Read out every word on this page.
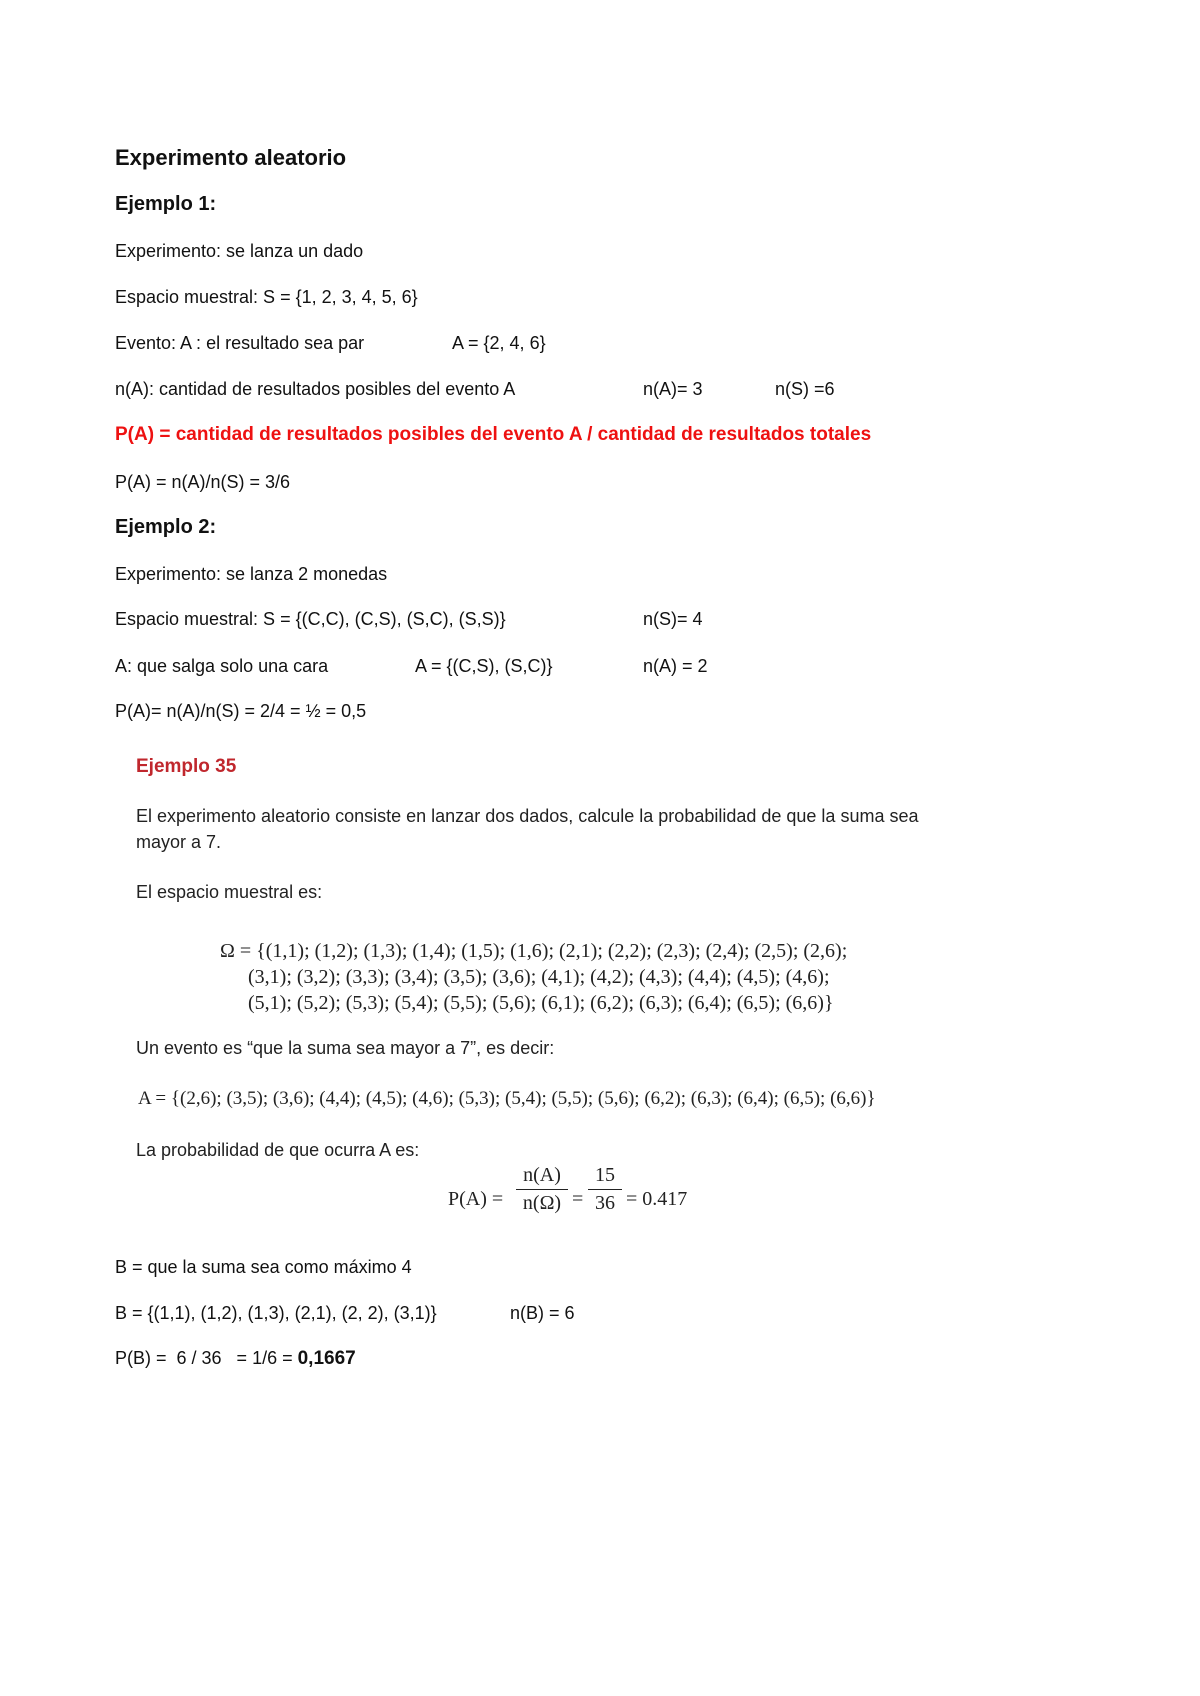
Experimento aleatorio
Ejemplo 1:
Experimento: se lanza un dado
Espacio muestral: S = {1, 2, 3, 4, 5, 6}
Evento: A : el resultado sea par	A = {2, 4, 6}
n(A): cantidad de resultados posibles del evento A	n(A)= 3	n(S) =6
P(A) = cantidad de resultados posibles del evento A / cantidad de resultados totales
P(A) = n(A)/n(S) = 3/6
Ejemplo 2:
Experimento: se lanza 2 monedas
Espacio muestral: S = {(C,C), (C,S), (S,C), (S,S)}	n(S)= 4
A: que salga solo una cara	A = {(C,S), (S,C)}	n(A) = 2
P(A)= n(A)/n(S) = 2/4 = ½ = 0,5
Ejemplo 35
El experimento aleatorio consiste en lanzar dos dados, calcule la probabilidad de que la suma sea
mayor a 7.
El espacio muestral es:
Ω = {(1,1); (1,2); (1,3); (1,4); (1,5); (1,6); (2,1); (2,2); (2,3); (2,4); (2,5); (2,6);
(3,1); (3,2); (3,3); (3,4); (3,5); (3,6); (4,1); (4,2); (4,3); (4,4); (4,5); (4,6);
(5,1); (5,2); (5,3); (5,4); (5,5); (5,6); (6,1); (6,2); (6,3); (6,4); (6,5); (6,6)}
Un evento es “que la suma sea mayor a 7”, es decir:
A = {(2,6); (3,5); (3,6); (4,4); (4,5); (4,6); (5,3); (5,4); (5,5); (5,6); (6,2); (6,3); (6,4); (6,5); (6,6)}
La probabilidad de que ocurra A es:
$P(A) = \frac{n(A)}{n(\Omega)} = \frac{15}{36} = 0.417$
B = que la suma sea como máximo 4
B = {(1,1), (1,2), (1,3), (2,1), (2, 2), (3,1)}	n(B) = 6
P(B) =  6 / 36   = 1/6 = 0,1667
